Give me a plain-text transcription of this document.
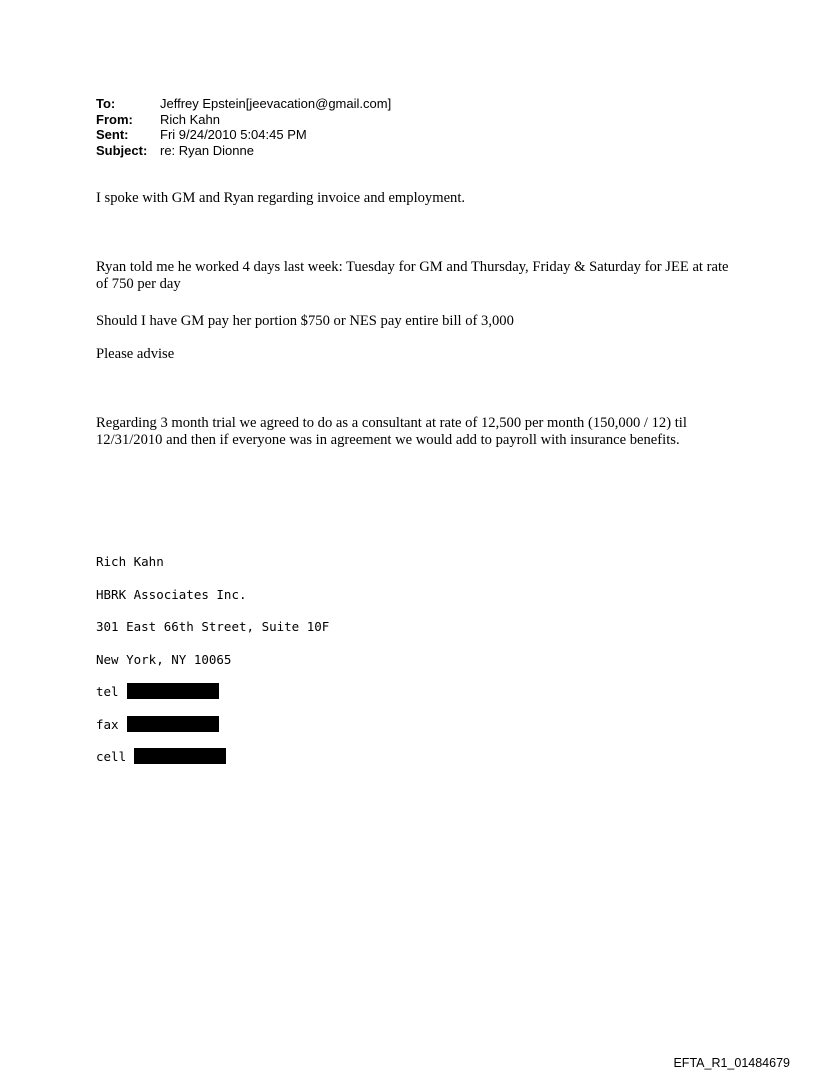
To:	Jeffrey Epstein[jeevacation@gmail.com]
From:	Rich Kahn
Sent:	Fri 9/24/2010 5:04:45 PM
Subject: re: Ryan Dionne

I spoke with GM and Ryan regarding invoice and employment.

Ryan told me he worked 4 days last week: Tuesday for GM and Thursday, Friday & Saturday for JEE at rate of 750 per day

Should I have GM pay her portion $750 or NES pay entire bill of 3,000

Please advise

Regarding 3 month trial we agreed to do as a consultant at rate of 12,500 per month (150,000 / 12) til 12/31/2010 and then if everyone was in agreement we would add to payroll with insurance benefits.

Rich Kahn
HBRK Associates Inc.
301 East 66th Street, Suite 10F
New York, NY 10065
tel
fax
cell
EFTA_R1_01484679
